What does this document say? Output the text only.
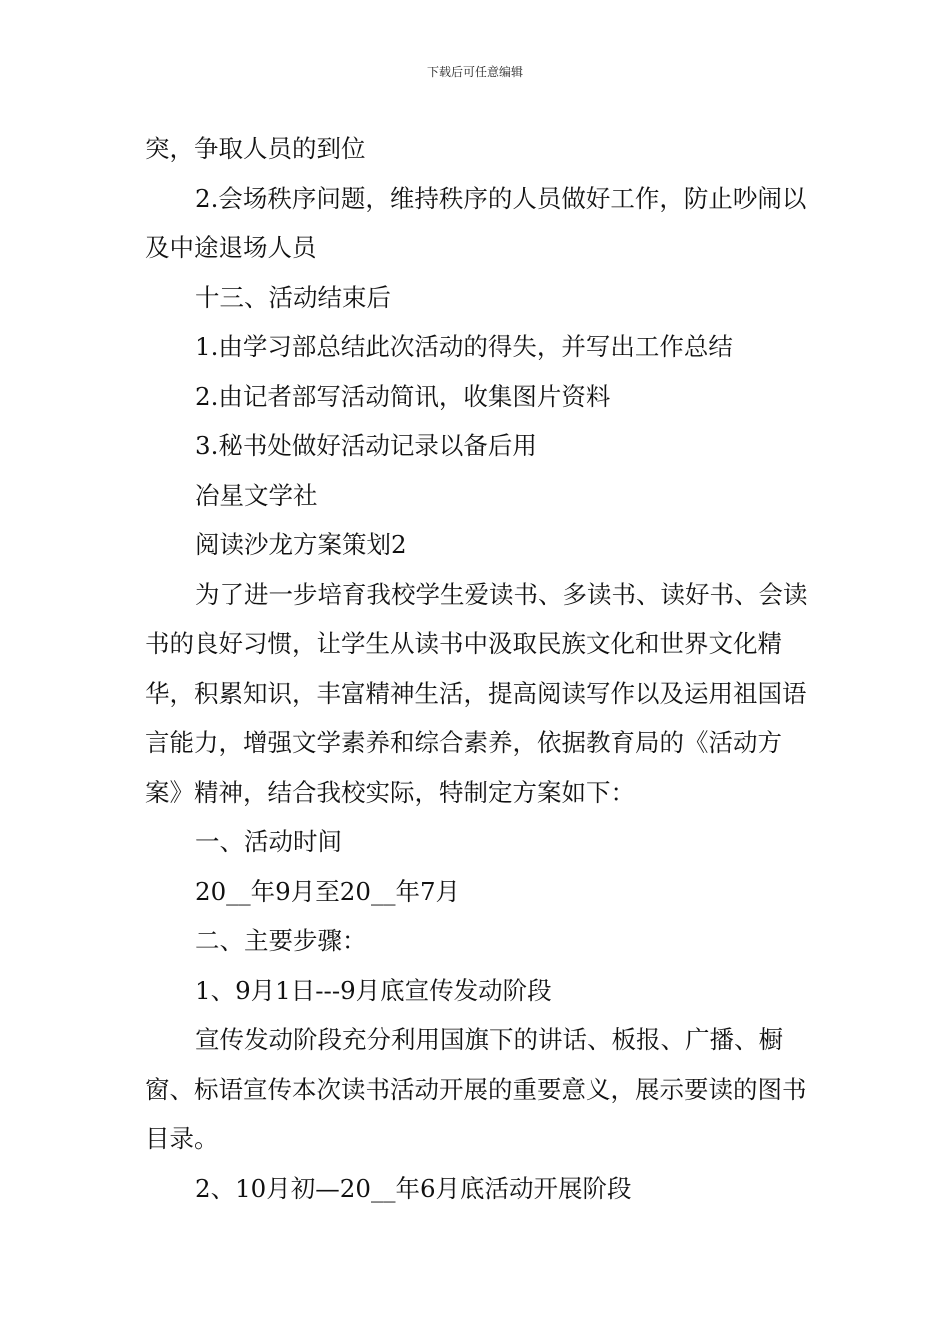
下载后可任意编辑

突，争取人员的到位

2.会场秩序问题，维持秩序的人员做好工作，防止吵闹以及中途退场人员

十三、活动结束后

1.由学习部总结此次活动的得失，并写出工作总结

2.由记者部写活动简讯，收集图片资料

3.秘书处做好活动记录以备后用

冶星文学社

阅读沙龙方案策划2

为了进一步培育我校学生爱读书、多读书、读好书、会读书的良好习惯，让学生从读书中汲取民族文化和世界文化精华，积累知识，丰富精神生活，提高阅读写作以及运用祖国语言能力，增强文学素养和综合素养，依据教育局的《活动方案》精神，结合我校实际，特制定方案如下：

一、活动时间

20__年9月至20__年7月

二、主要步骤：

1、9月1日---9月底宣传发动阶段

宣传发动阶段充分利用国旗下的讲话、板报、广播、橱窗、标语宣传本次读书活动开展的重要意义，展示要读的图书目录。

2、10月初—20__年6月底活动开展阶段
